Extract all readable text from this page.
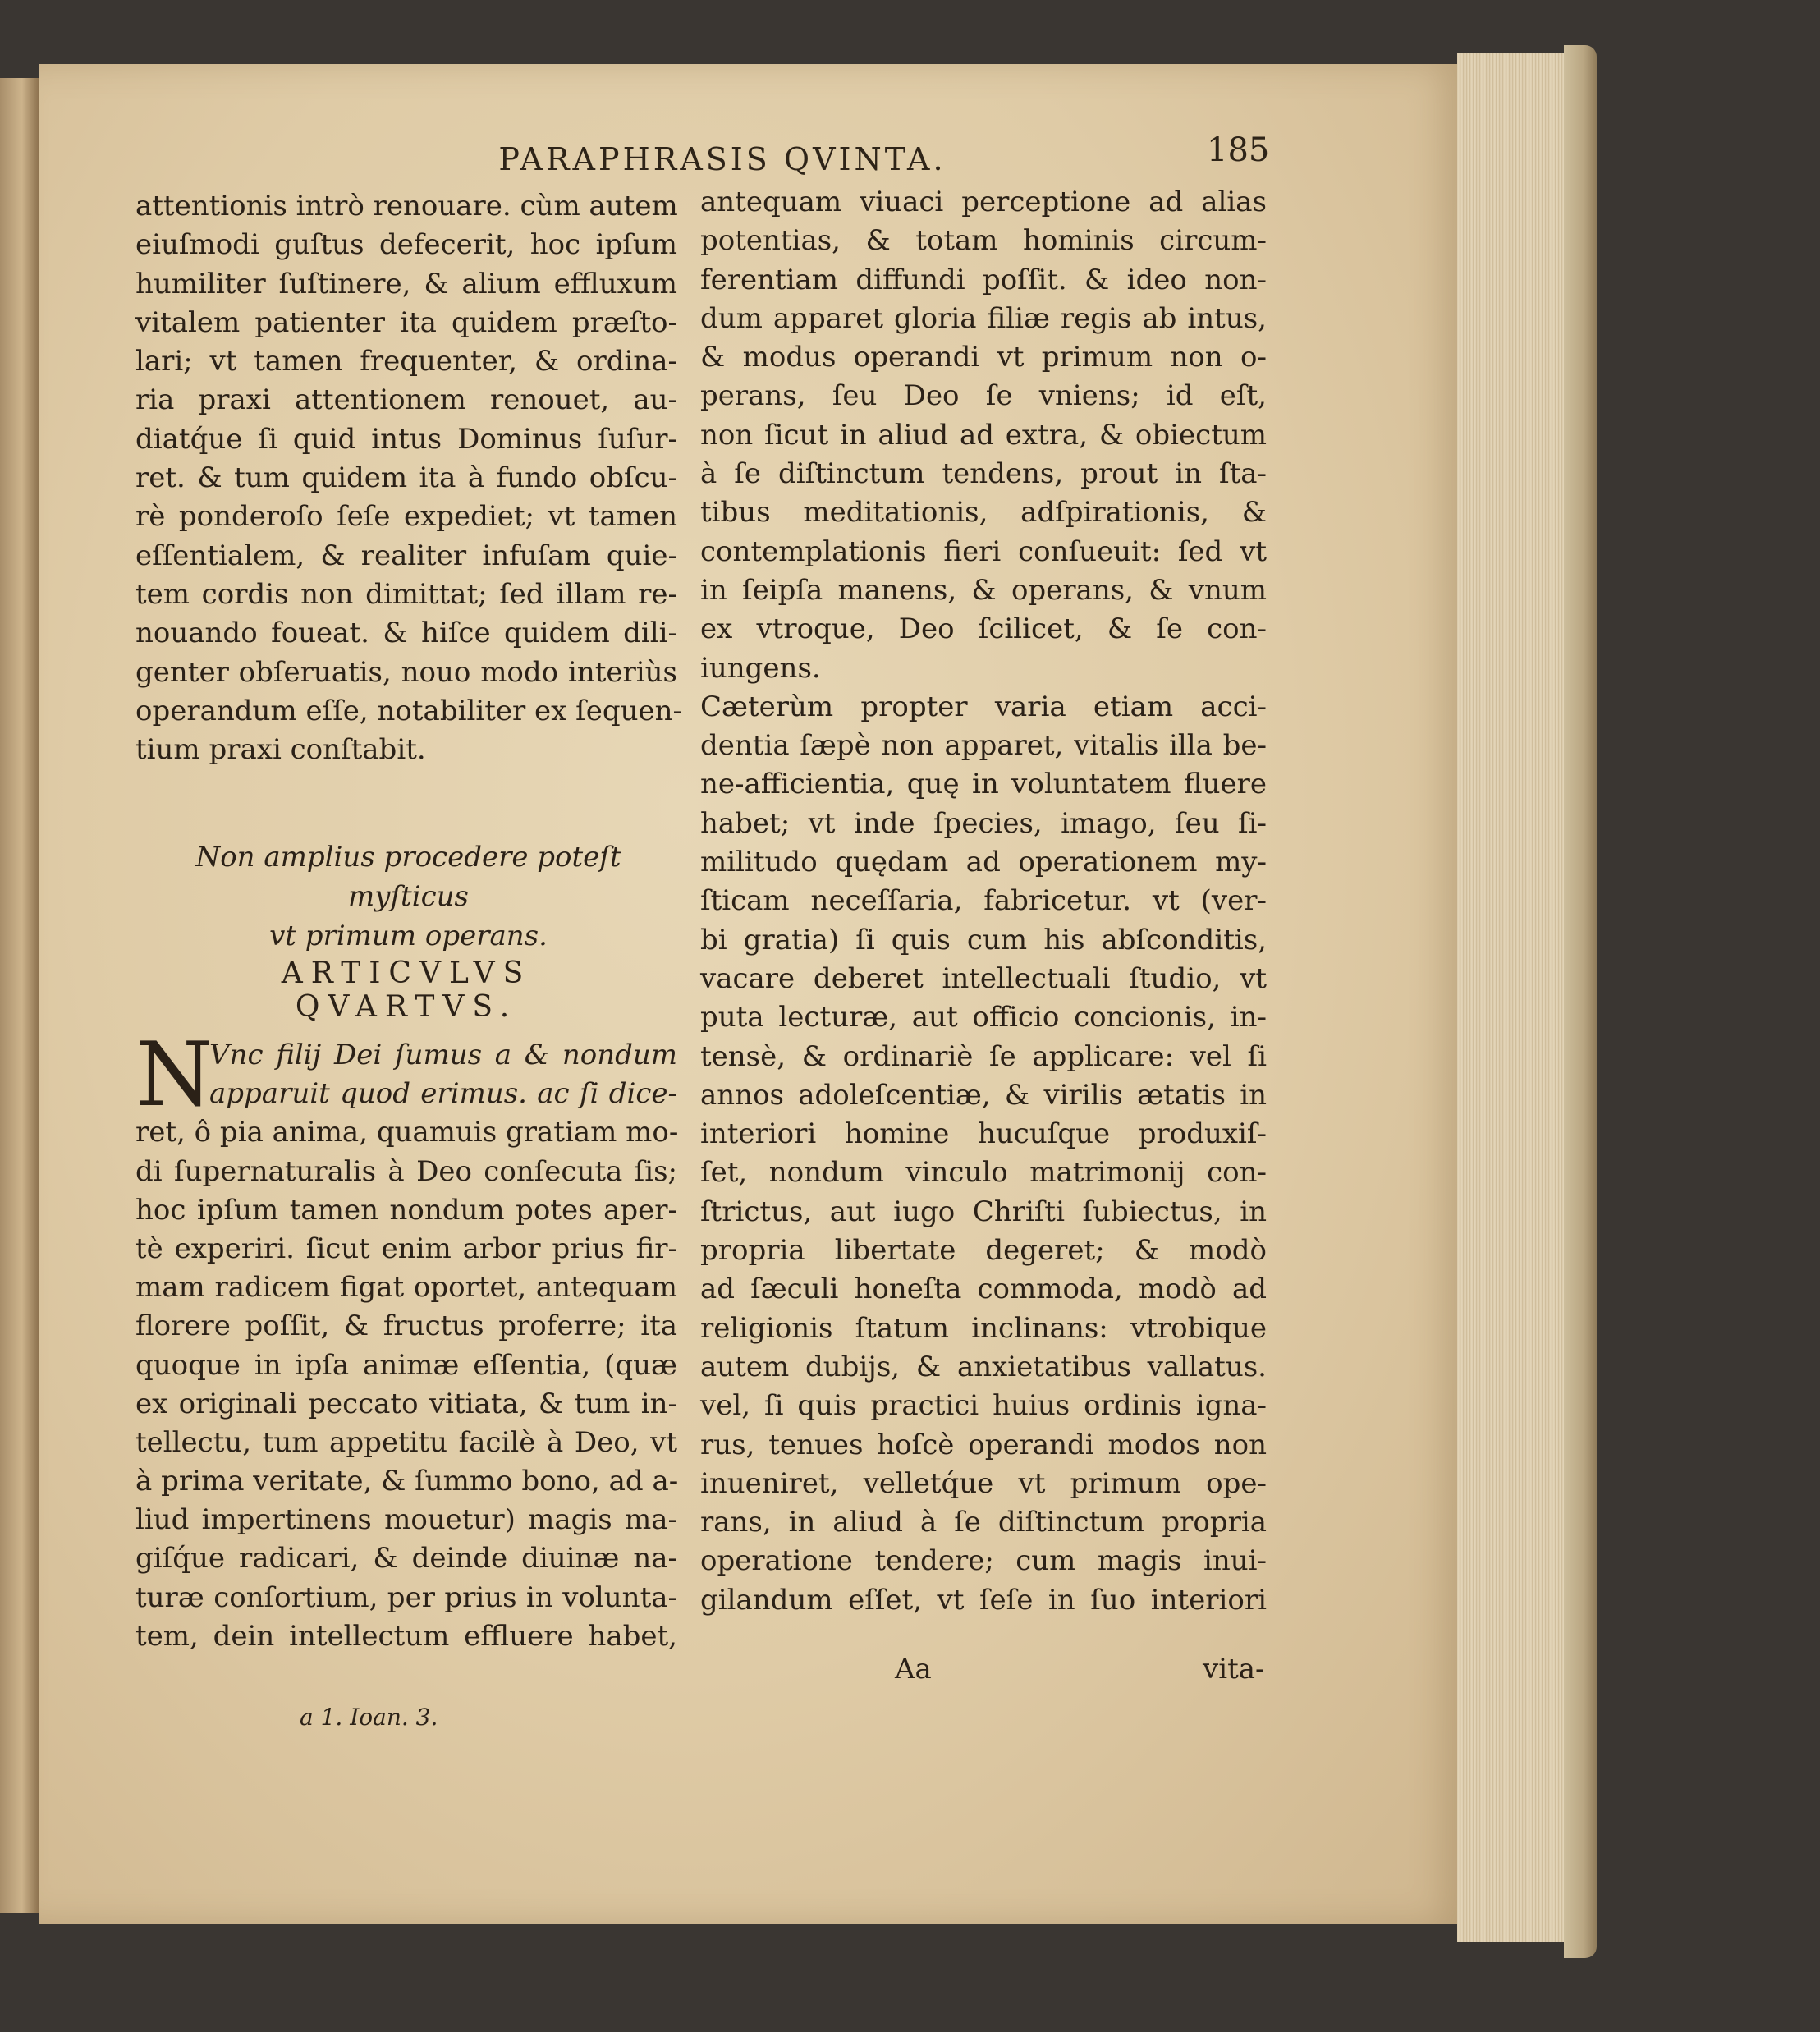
PARAPHRASIS QVINTA.	185
attentionis intrò renouare. cùm autem
eiuſmodi guſtus defecerit, hoc ipſum
humiliter ſuſtinere, & alium effluxum
vitalem patienter ita quidem præſto-
lari; vt tamen frequenter, & ordina-
ria praxi attentionem renouet, au-
diatq́ue ſi quid intus Dominus ſuſur-
ret. & tum quidem ita à fundo obſcu-
rè ponderoſo ſeſe expediet; vt tamen
eſſentialem, & realiter infuſam quie-
tem cordis non dimittat; ſed illam re-
nouando foueat. & hiſce quidem dili-
genter obſeruatis, nouo modo interiùs
operandum eſſe, notabiliter ex ſequen-
tium praxi conſtabit.
Non amplius procedere poteſt myſticus
vt primum operans.
ARTICVLVS QVARTVS.
N
Vnc filij Dei ſumus a & nondum
apparuit quod erimus. ac ſi dice-
ret, ô pia anima, quamuis gratiam mo-
di ſupernaturalis à Deo conſecuta ſis;
hoc ipſum tamen nondum potes aper-
tè experiri. ſicut enim arbor prius fir-
mam radicem figat oportet, antequam
florere poſſit, & fructus proferre; ita
quoque in ipſa animæ eſſentia, (quæ
ex originali peccato vitiata, & tum in-
tellectu, tum appetitu facilè à Deo, vt
à prima veritate, & ſummo bono, ad a-
liud impertinens mouetur) magis ma-
giſq́ue radicari, & deinde diuinæ na-
turæ conſortium, per prius in volunta-
tem, dein intellectum effluere habet,
antequam viuaci perceptione ad alias
potentias, & totam hominis circum-
ferentiam diffundi poſſit. & ideo non-
dum apparet gloria filiæ regis ab intus,
& modus operandi vt primum non o-
perans, ſeu Deo ſe vniens; id eſt,
non ſicut in aliud ad extra, & obiectum
à ſe diſtinctum tendens, prout in ſta-
tibus meditationis, adſpirationis, &
contemplationis fieri conſueuit: ſed vt
in ſeipſa manens, & operans, & vnum
ex vtroque, Deo ſcilicet, & ſe con-
iungens.
Cæterùm propter varia etiam acci-
dentia ſæpè non apparet, vitalis illa be-
ne-afficientia, quę in voluntatem fluere
habet; vt inde ſpecies, imago, ſeu ſi-
militudo quędam ad operationem my-
ſticam neceſſaria, fabricetur. vt (ver-
bi gratia) ſi quis cum his abſconditis,
vacare deberet intellectuali ſtudio, vt
puta lecturæ, aut officio concionis, in-
tensè, & ordinariè ſe applicare: vel ſi
annos adoleſcentiæ, & virilis ætatis in
interiori homine hucuſque produxiſ-
ſet, nondum vinculo matrimonij con-
ſtrictus, aut iugo Chriſti ſubiectus, in
propria libertate degeret; & modò
ad ſæculi honeſta commoda, modò ad
religionis ſtatum inclinans: vtrobique
autem dubijs, & anxietatibus vallatus.
vel, ſi quis practici huius ordinis igna-
rus, tenues hoſcè operandi modos non
inueniret, velletq́ue vt primum ope-
rans, in aliud à ſe diſtinctum propria
operatione tendere; cum magis inui-
gilandum eſſet, vt ſeſe in ſuo interiori
Aa	vita-
a 1. Ioan. 3.
